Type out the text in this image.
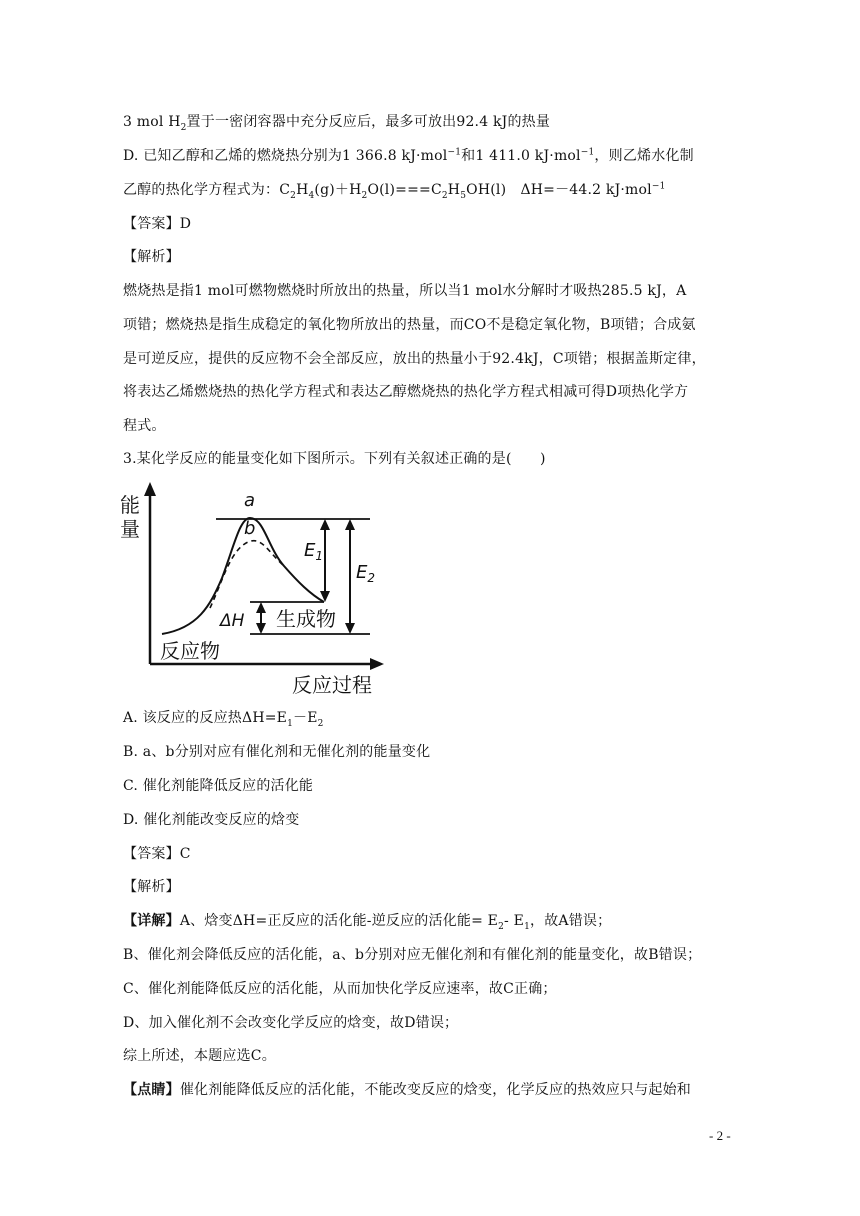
3 mol $H_2$置于一密闭容器中充分反应后，最多可放出92.4 kJ的热量
D. 已知乙醇和乙烯的燃烧热分别为1 366.8 kJ·mol$^{-1}$和1 411.0 kJ·mol$^{-1}$，则乙烯水化制
乙醇的热化学方程式为：$C_2H_4(g)+H_2O(l)===C_2H_5OH(l)$　ΔH=－44.2 kJ·mol$^{-1}$
【答案】D
【解析】
燃烧热是指1 mol可燃物燃烧时所放出的热量，所以当1 mol水分解时才吸热285.5 kJ，A
项错；燃烧热是指生成稳定的氧化物所放出的热量，而CO不是稳定氧化物，B项错；合成氨
是可逆反应，提供的反应物不会全部反应，放出的热量小于92.4kJ，C项错；根据盖斯定律，
将表达乙烯燃烧热的热化学方程式和表达乙醇燃烧热的热化学方程式相减可得D项热化学方
程式。
3.某化学反应的能量变化如下图所示。下列有关叙述正确的是(　　)
能
量
反应过程
a
b
$E_1$
$E_2$
ΔH 生成物
反应物
A. 该反应的反应热$\Delta H=E_1-E_2$
B. a、b分别对应有催化剂和无催化剂的能量变化
C. 催化剂能降低反应的活化能
D. 催化剂能改变反应的焓变
【答案】C
【解析】
【详解】A、焓变ΔH=正反应的活化能-逆反应的活化能= $E_2-$ $E_1$，故A错误；
B、催化剂会降低反应的活化能，a、b分别对应无催化剂和有催化剂的能量变化，故B错误；
C、催化剂能降低反应的活化能，从而加快化学反应速率，故C正确；
D、加入催化剂不会改变化学反应的焓变，故D错误；
综上所述，本题应选C。
【点睛】催化剂能降低反应的活化能，不能改变反应的焓变，化学反应的热效应只与起始和
- 2 -
